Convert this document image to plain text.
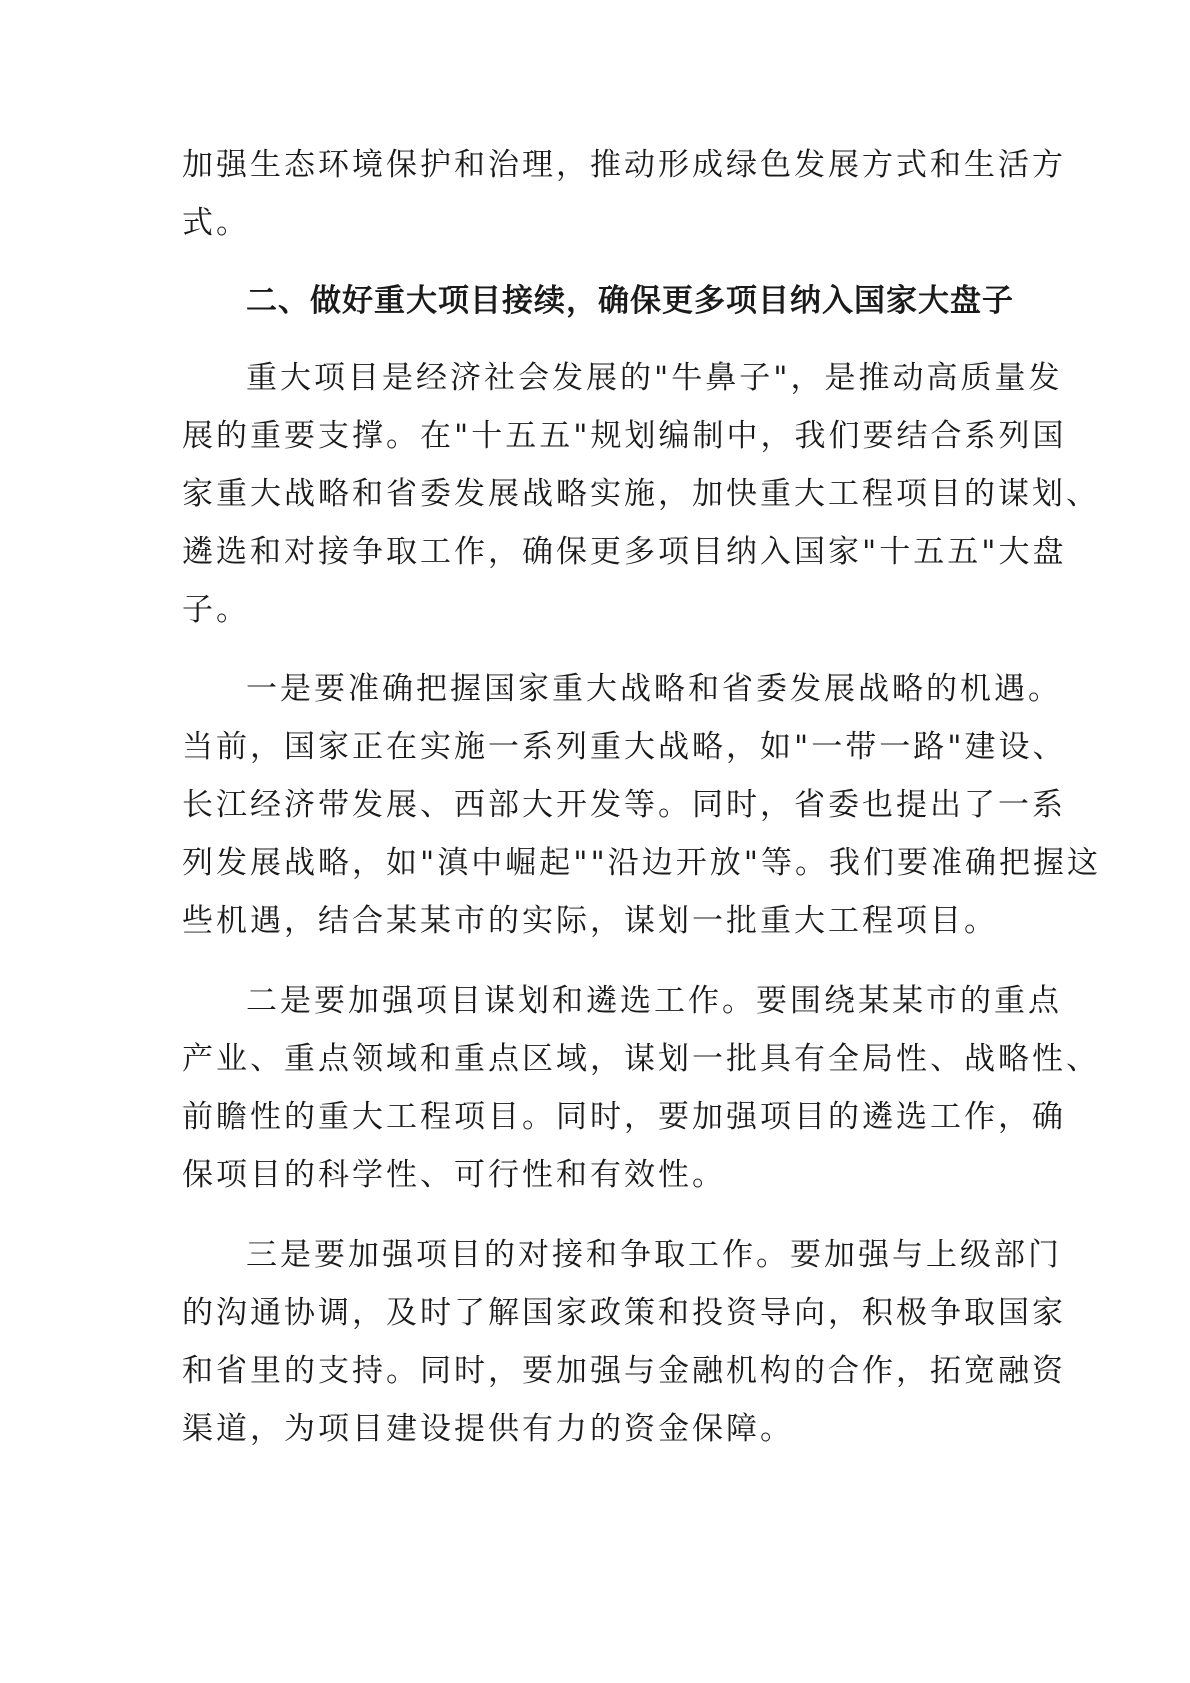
加强生态环境保护和治理，推动形成绿色发展方式和生活方
式。
二、做好重大项目接续，确保更多项目纳入国家大盘子
重大项目是经济社会发展的"牛鼻子"，是推动高质量发
展的重要支撑。在"十五五"规划编制中，我们要结合系列国
家重大战略和省委发展战略实施，加快重大工程项目的谋划、
遴选和对接争取工作，确保更多项目纳入国家"十五五"大盘
子。
一是要准确把握国家重大战略和省委发展战略的机遇。
当前，国家正在实施一系列重大战略，如"一带一路"建设、
长江经济带发展、西部大开发等。同时，省委也提出了一系
列发展战略，如"滇中崛起""沿边开放"等。我们要准确把握这
些机遇，结合某某市的实际，谋划一批重大工程项目。
二是要加强项目谋划和遴选工作。要围绕某某市的重点
产业、重点领域和重点区域，谋划一批具有全局性、战略性、
前瞻性的重大工程项目。同时，要加强项目的遴选工作，确
保项目的科学性、可行性和有效性。
三是要加强项目的对接和争取工作。要加强与上级部门
的沟通协调，及时了解国家政策和投资导向，积极争取国家
和省里的支持。同时，要加强与金融机构的合作，拓宽融资
渠道，为项目建设提供有力的资金保障。
